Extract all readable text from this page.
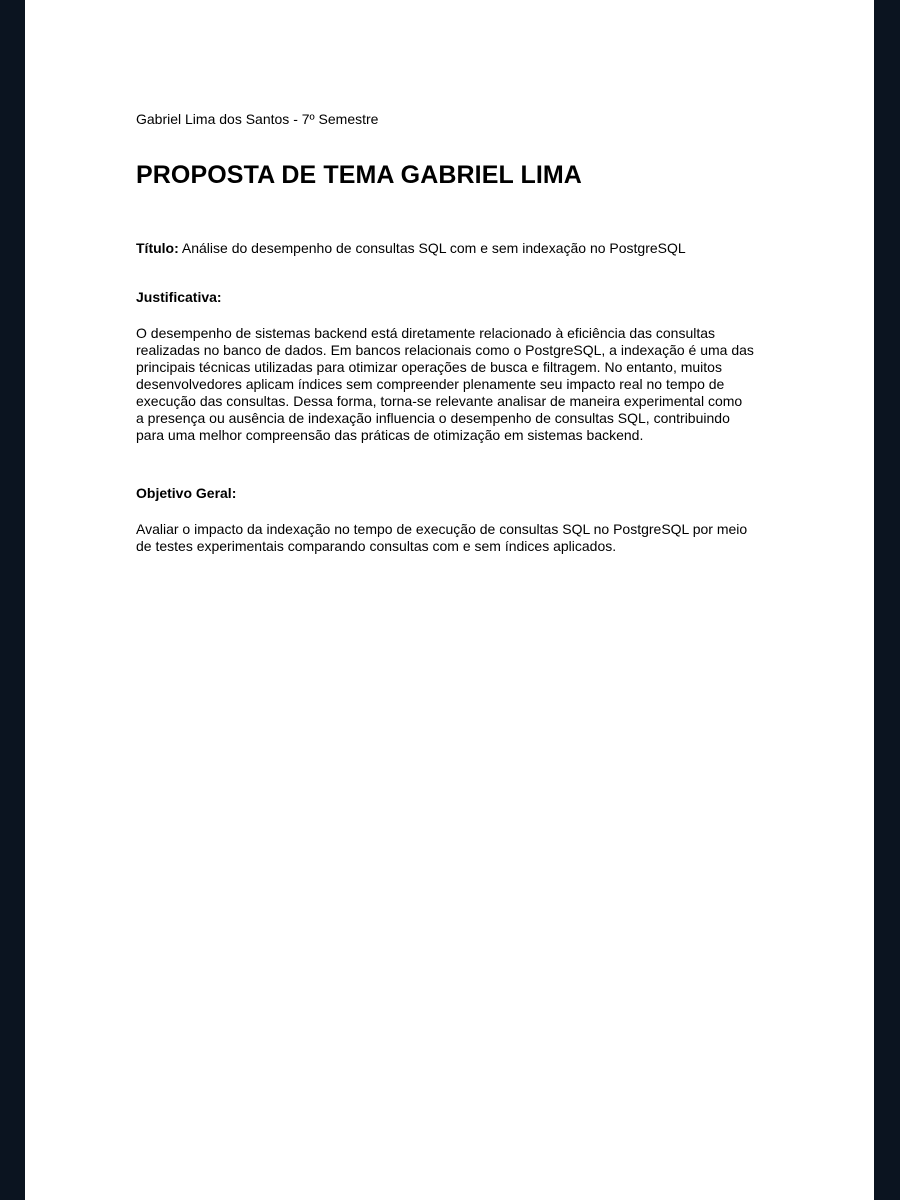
Gabriel Lima dos Santos - 7º Semestre

PROPOSTA DE TEMA GABRIEL LIMA

Título: Análise do desempenho de consultas SQL com e sem indexação no PostgreSQL

Justificativa:

O desempenho de sistemas backend está diretamente relacionado à eficiência das consultas
realizadas no banco de dados. Em bancos relacionais como o PostgreSQL, a indexação é uma das
principais técnicas utilizadas para otimizar operações de busca e filtragem. No entanto, muitos
desenvolvedores aplicam índices sem compreender plenamente seu impacto real no tempo de
execução das consultas. Dessa forma, torna-se relevante analisar de maneira experimental como
a presença ou ausência de indexação influencia o desempenho de consultas SQL, contribuindo
para uma melhor compreensão das práticas de otimização em sistemas backend.

Objetivo Geral:

Avaliar o impacto da indexação no tempo de execução de consultas SQL no PostgreSQL por meio
de testes experimentais comparando consultas com e sem índices aplicados.
